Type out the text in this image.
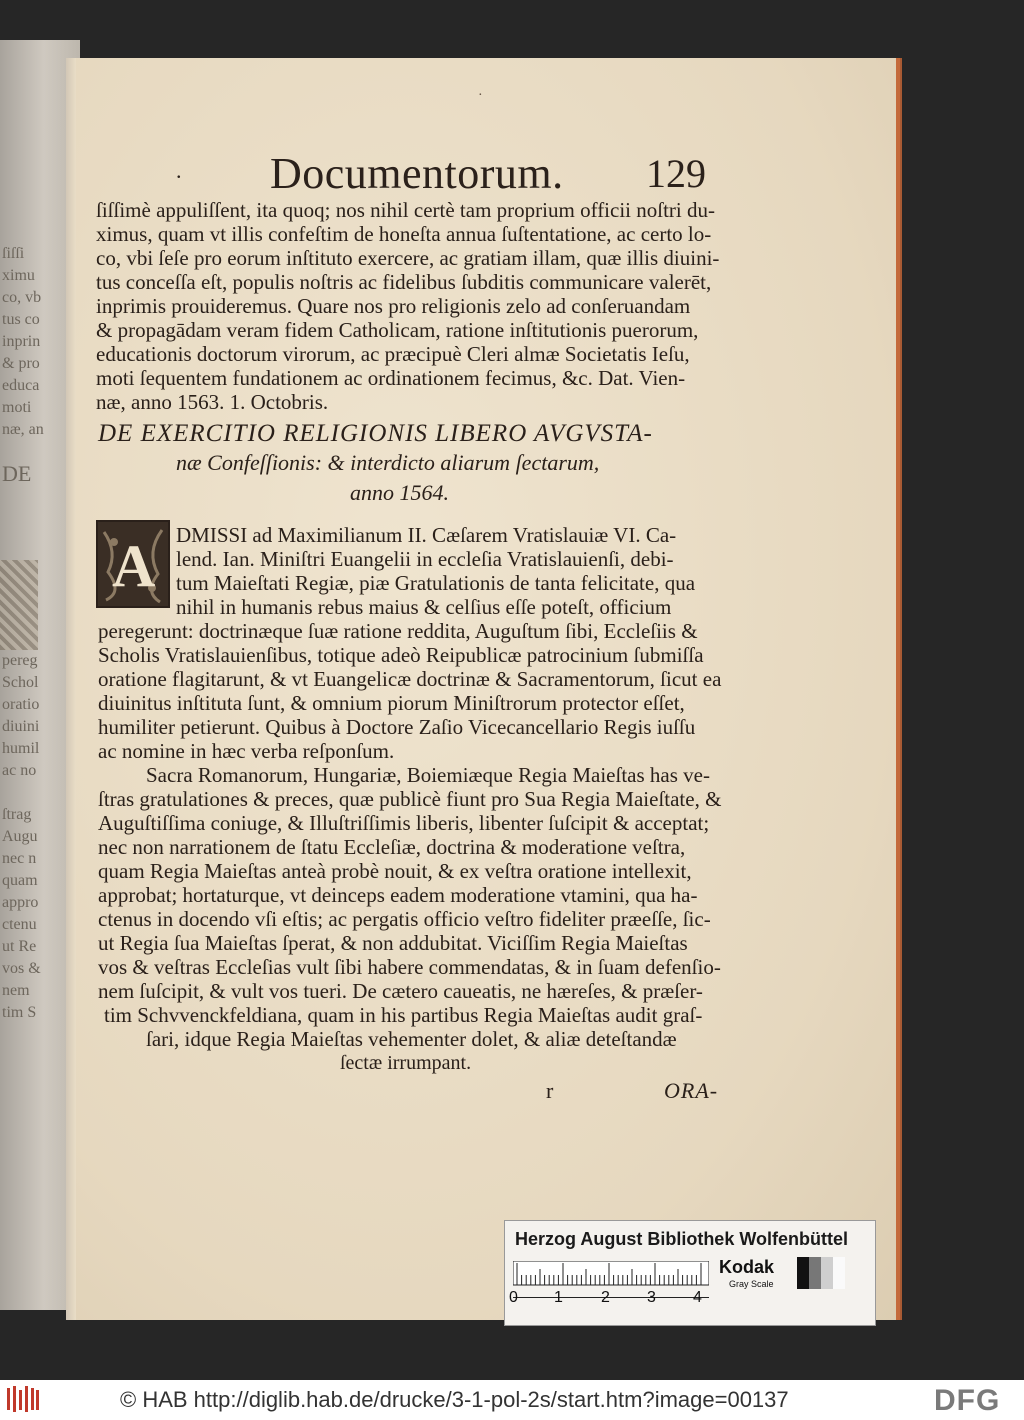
ſiſſi
ximu
co, vb
tus co
inprin
& pro
educa
moti
næ, an
DE
pereg
Schol
oratio
diuini
humil
ac no
ſtrag
Augu
nec n
quam
appro
ctenu
ut Re
vos &
nem
tim S
·
. Documentorum. 129
ſiſſimè appuliſſent, ita quoq; nos nihil certè tam proprium officii noſtri du-
ximus, quam vt illis confeſtim de honeſta annua ſuſtentatione, ac certo lo-
co, vbi ſeſe pro eorum inſtituto exercere, ac gratiam illam, quæ illis diuini-
tus conceſſa eſt, populis noſtris ac fidelibus ſubditis communicare valerēt,
inprimis prouideremus. Quare nos pro religionis zelo ad conſeruandam
& propagādam veram fidem Catholicam, ratione inſtitutionis puerorum,
educationis doctorum virorum, ac præcipuè Cleri almæ Societatis Ieſu,
moti ſequentem fundationem ac ordinationem fecimus, &c. Dat. Vien-
næ, anno 1563. 1. Octobris.
DE EXERCITIO RELIGIONIS LIBERO AVGVSTA-
næ Confeſſionis: & interdicto aliarum ſectarum,
anno 1564.
A DMISSI ad Maximilianum II. Cæſarem Vratislauiæ VI. Ca-
lend. Ian. Miniſtri Euangelii in eccleſia Vratislauienſi, debi-
tum Maieſtati Regiæ, piæ Gratulationis de tanta felicitate, qua
nihil in humanis rebus maius & celſius eſſe poteſt, officium
peregerunt: doctrinæque ſuæ ratione reddita, Auguſtum ſibi, Eccleſiis &
Scholis Vratislauienſibus, totique adeò Reipublicæ patrocinium ſubmiſſa
oratione flagitarunt, & vt Euangelicæ doctrinæ & Sacramentorum, ſicut ea
diuinitus inſtituta ſunt, & omnium piorum Miniſtrorum protector eſſet,
humiliter petierunt. Quibus à Doctore Zaſio Vicecancellario Regis iuſſu
ac nomine in hæc verba reſponſum.
Sacra Romanorum, Hungariæ, Boiemiæque Regia Maieſtas has ve-
ſtras gratulationes & preces, quæ publicè fiunt pro Sua Regia Maieſtate, &
Auguſtiſſima coniuge, & Illuſtriſſimis liberis, libenter ſuſcipit & acceptat;
nec non narrationem de ſtatu Eccleſiæ, doctrina & moderatione veſtra,
quam Regia Maieſtas anteà probè nouit, & ex veſtra oratione intellexit,
approbat; hortaturque, vt deinceps eadem moderatione vtamini, qua ha-
ctenus in docendo vſi eſtis; ac pergatis officio veſtro fideliter præeſſe, ſic-
ut Regia ſua Maieſtas ſperat, & non addubitat. Viciſſim Regia Maieſtas
vos & veſtras Eccleſias vult ſibi habere commendatas, & in ſuam defenſio-
nem ſuſcipit, & vult vos tueri. De cætero caueatis, ne hæreſes, & præſer-
tim Schvvenckfeldiana, quam in his partibus Regia Maieſtas audit graſ-
ſari, idque Regia Maieſtas vehementer dolet, & aliæ deteſtandæ
ſectæ irrumpant.
r	ORA-
Herzog August Bibliothek Wolfenbüttel
0 1 2 3 4
Kodak
Gray Scale
© HAB http://diglib.hab.de/drucke/3-1-pol-2s/start.htm?image=00137	DFG
